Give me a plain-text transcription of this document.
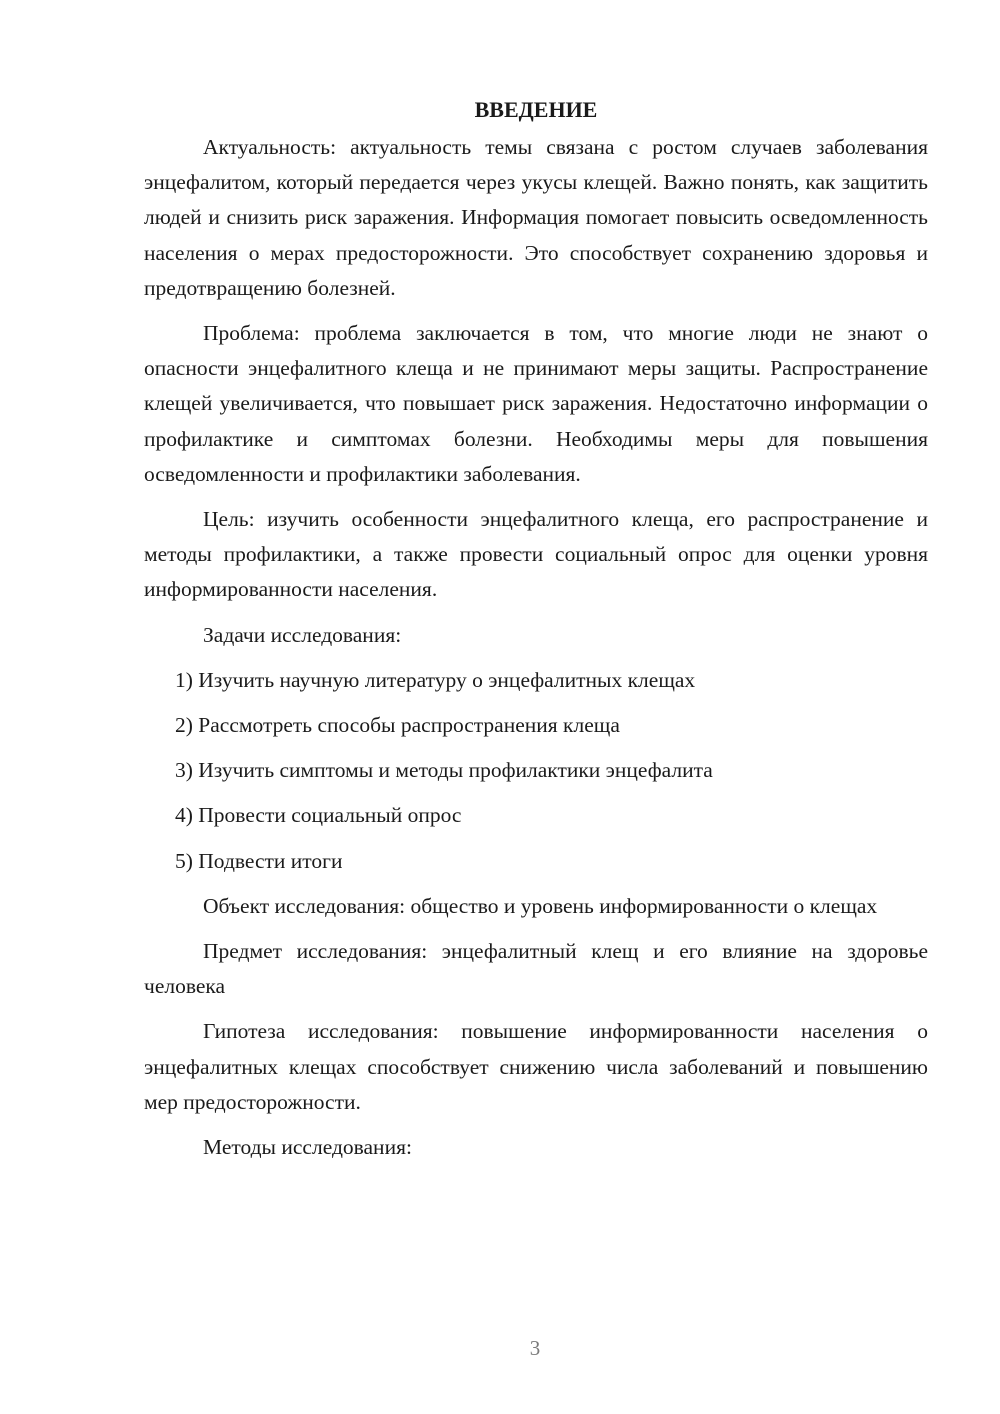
ВВЕДЕНИЕ

Актуальность: актуальность темы связана с ростом случаев заболевания энцефалитом, который передается через укусы клещей. Важно понять, как защитить людей и снизить риск заражения. Информация помогает повысить осведомленность населения о мерах предосторожности. Это способствует сохранению здоровья и предотвращению болезней.

Проблема: проблема заключается в том, что многие люди не знают о опасности энцефалитного клеща и не принимают меры защиты. Распространение клещей увеличивается, что повышает риск заражения. Недостаточно информации о профилактике и симптомах болезни. Необходимы меры для повышения осведомленности и профилактики заболевания.

Цель: изучить особенности энцефалитного клеща, его распространение и методы профилактики, а также провести социальный опрос для оценки уровня информированности населения.

Задачи исследования:

1) Изучить научную литературу о энцефалитных клещах
2) Рассмотреть способы распространения клеща
3) Изучить симптомы и методы профилактики энцефалита
4) Провести социальный опрос
5) Подвести итоги

Объект исследования: общество и уровень информированности о клещах

Предмет исследования: энцефалитный клещ и его влияние на здоровье человека

Гипотеза исследования: повышение информированности населения о энцефалитных клещах способствует снижению числа заболеваний и повышению мер предосторожности.

Методы исследования:

3
